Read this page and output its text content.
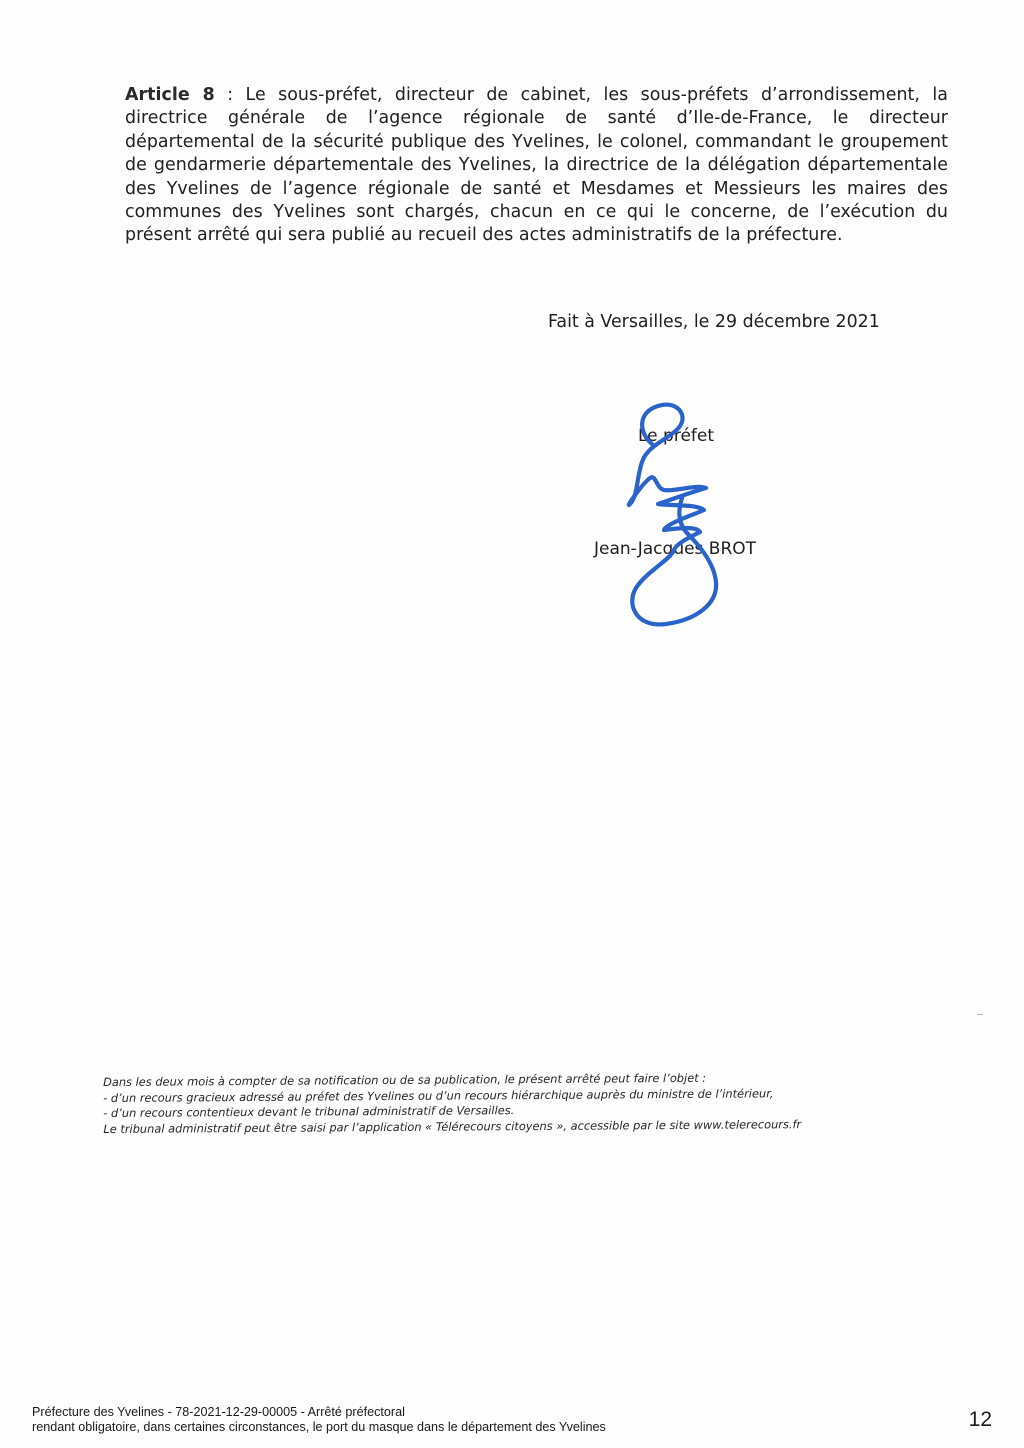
Article 8 : Le sous-préfet, directeur de cabinet, les sous-préfets d’arrondissement, la directrice générale de l’agence régionale de santé d’Ile-de-France, le directeur départemental de la sécurité publique des Yvelines, le colonel, commandant le groupement de gendarmerie départementale des Yvelines, la directrice de la délégation départementale des Yvelines de l’agence régionale de santé et Mesdames et Messieurs les maires des communes des Yvelines sont chargés, chacun en ce qui le concerne, de l’exécution du présent arrêté qui sera publié au recueil des actes administratifs de la préfecture.

Fait à Versailles, le 29 décembre 2021
Le préfet
Jean-Jacques BROT

Dans les deux mois à compter de sa notification ou de sa publication, le présent arrêté peut faire l’objet :

- d’un recours gracieux adressé au préfet des Yvelines ou d’un recours hiérarchique auprès du ministre de l’intérieur,

- d’un recours contentieux devant le tribunal administratif de Versailles.

Le tribunal administratif peut être saisi par l’application « Télérecours citoyens », accessible par le site www.telerecours.fr

Préfecture des Yvelines - 78-2021-12-29-00005 - Arrêté préfectoral
rendant obligatoire, dans certaines circonstances, le port du masque dans le département des Yvelines	12
